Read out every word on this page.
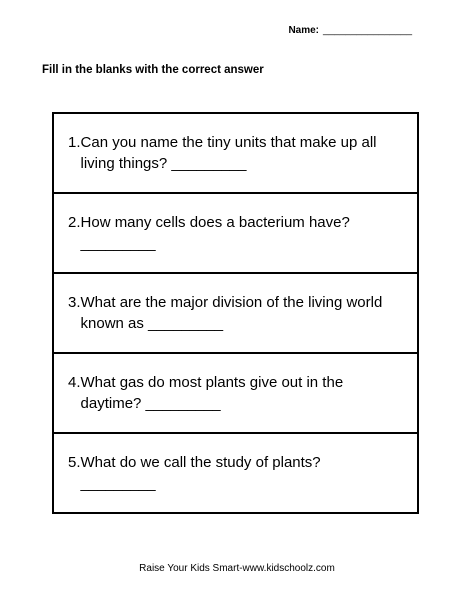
Name: ________________
Fill in the blanks with the correct answer
1. Can you name the tiny units that make up all living things? _________
2. How many cells does a bacterium have? _________
3. What are the major division of the living world known as _________
4. What gas do most plants give out in the daytime? _________
5. What do we call the study of plants? _________
Raise Your Kids Smart-www.kidschoolz.com
